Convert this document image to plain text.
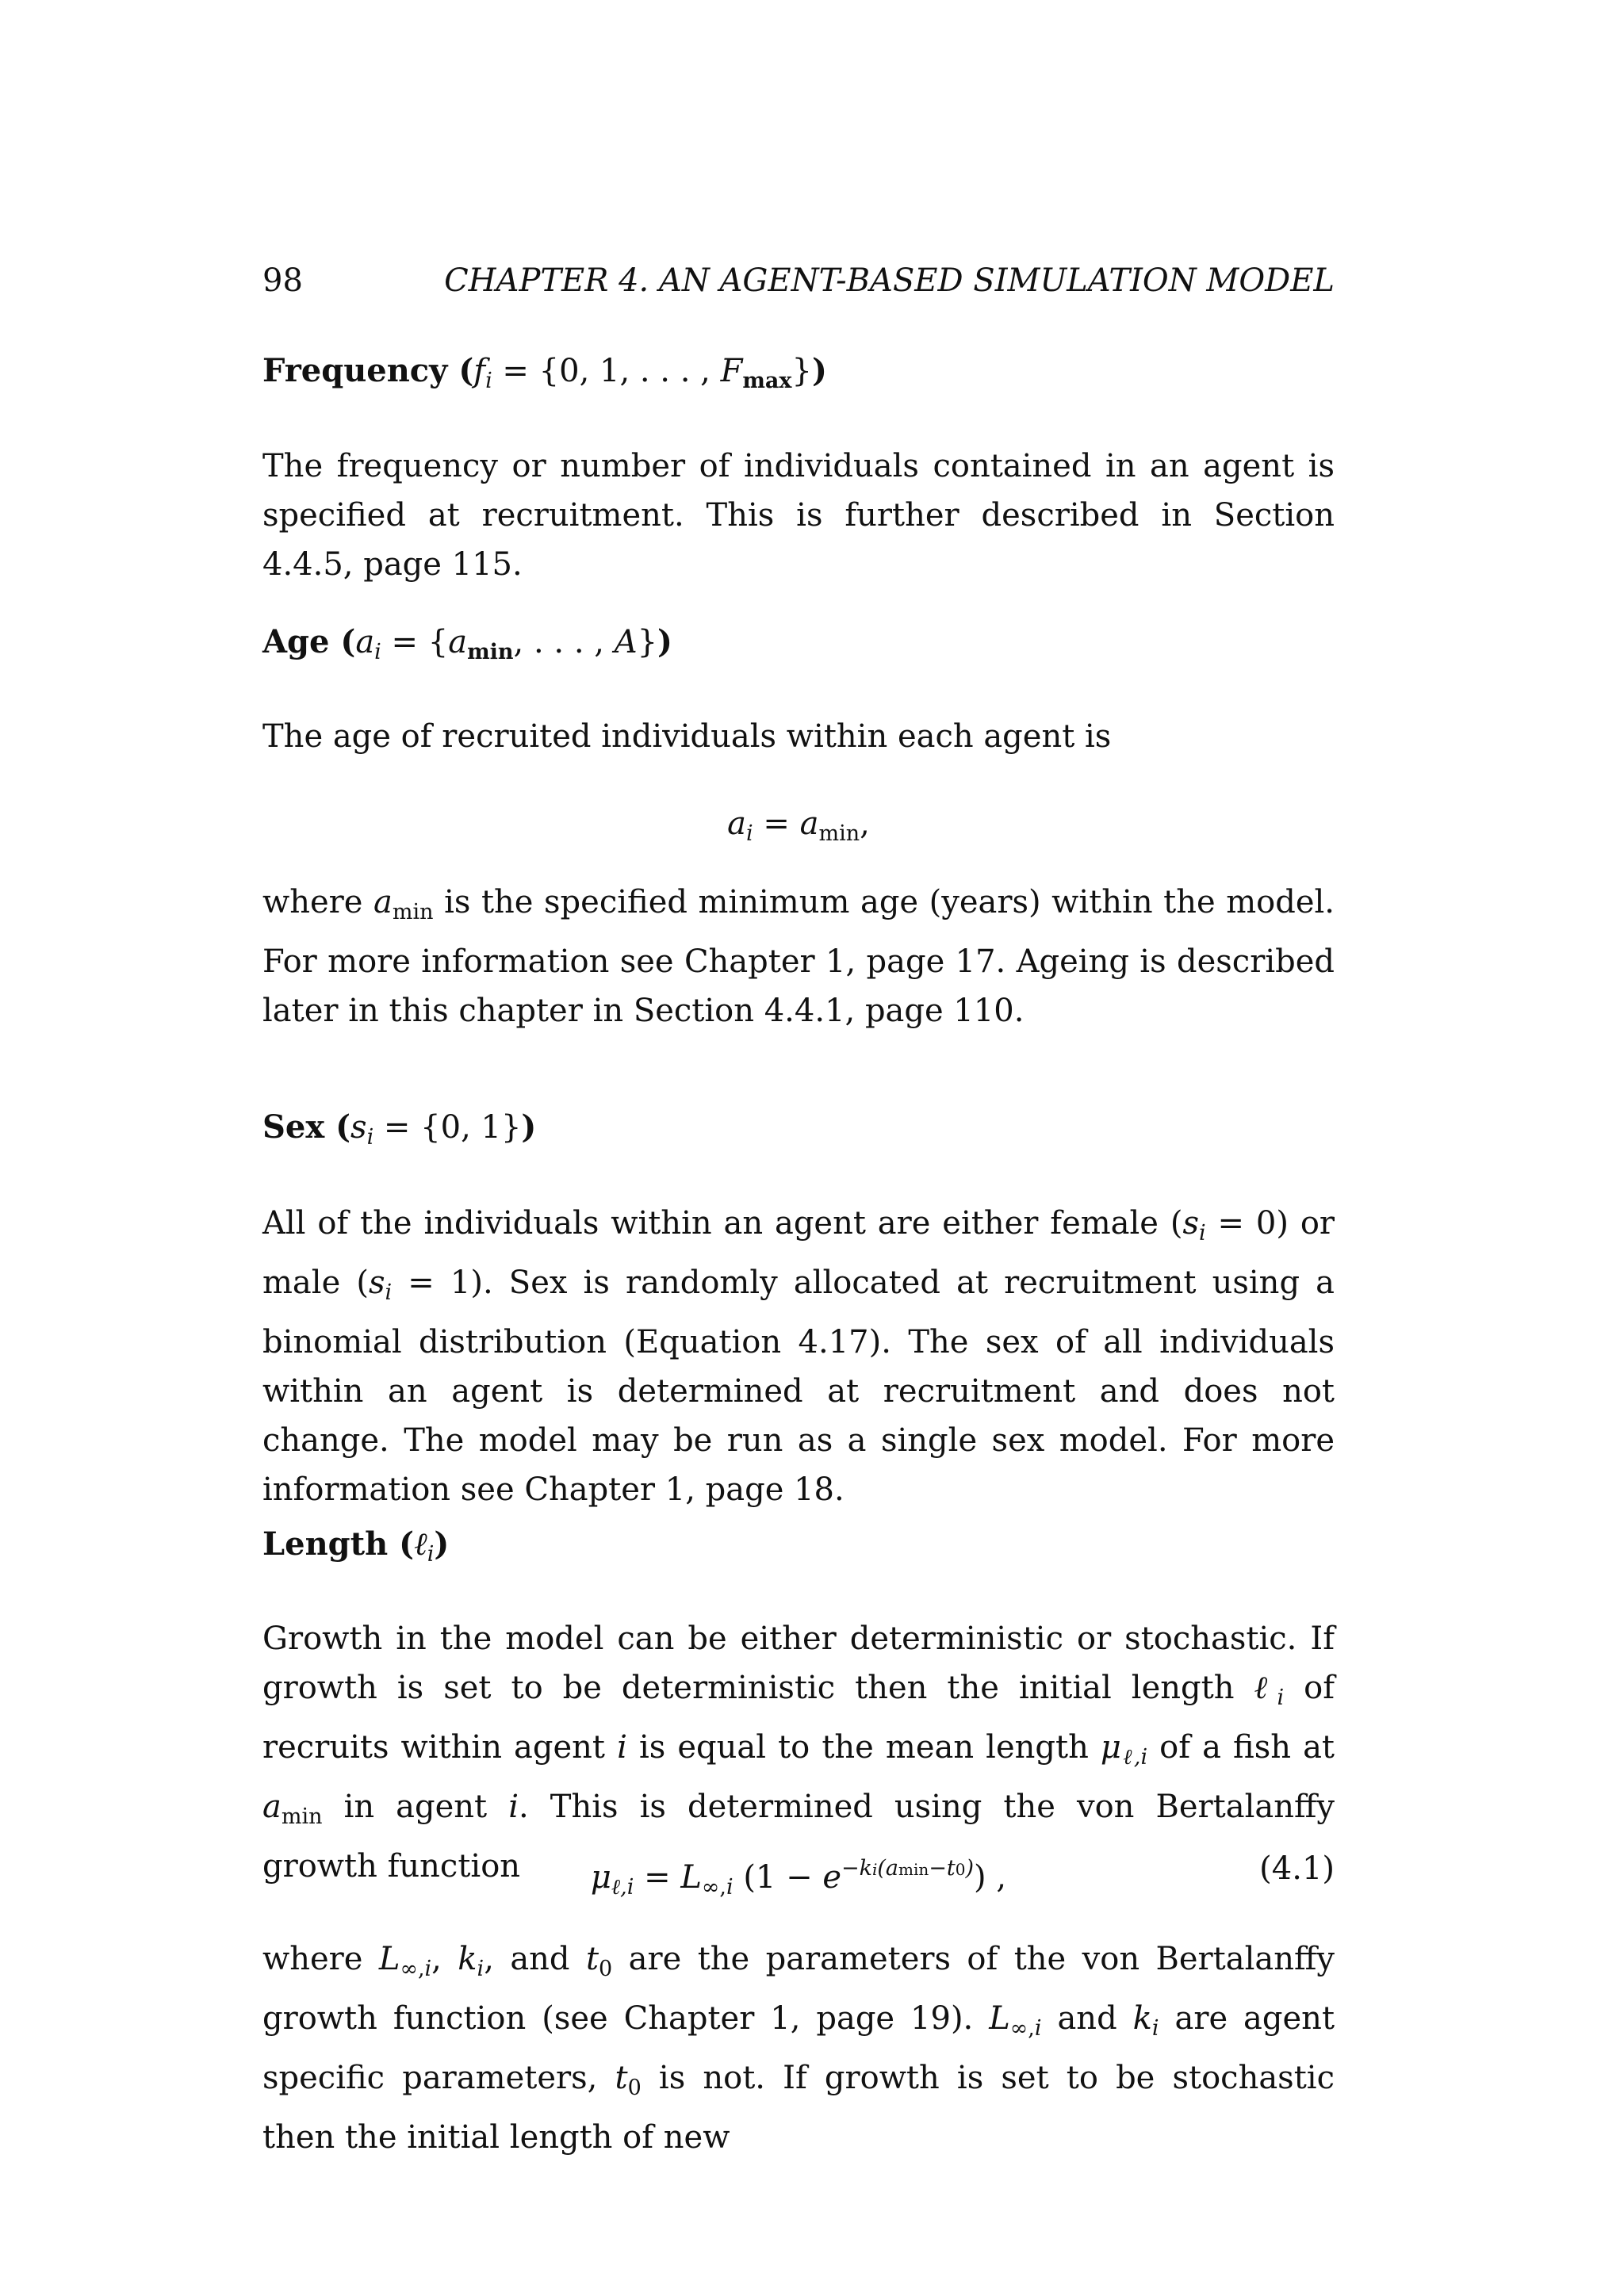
98	CHAPTER 4. AN AGENT-BASED SIMULATION MODEL
Frequency ($f_i = \{0$, 1, . . . , $F_{max}$})

The frequency or number of individuals contained in an agent is specified at recruitment. This is further described in Section 4.4.5, page 115.

Age ($a_i = \{a_{min}$, . . . , A})

The age of recruited individuals within each agent is

$a_i = a_{min}$,

where $a_{min}$ is the specified minimum age (years) within the model. For more information see Chapter 1, page 17. Ageing is described later in this chapter in Section 4.4.1, page 110.

Sex ($s_i = \{0$, 1})

All of the individuals within an agent are either female $(s_i = 0)$ or male $(s_i = 1)$. Sex is randomly allocated at recruitment using a binomial distribution (Equation 4.17). The sex of all individuals within an agent is determined at recruitment and does not change. The model may be run as a single sex model. For more information see Chapter 1, page 18.

Length (ℓ$_i$)

Growth in the model can be either deterministic or stochastic. If growth is set to be deterministic then the initial length ℓ$_i$ of recruits within agent i is equal to the mean length $\mu_{\ell,i}$ of a fish at $a_{min}$ in agent i. This is determined using the von Bertalanffy growth function	$\mu_{\ell,i} = L_{\infty,i}$ $(1 - e^{-ki(amin-t0)})$ ,	(4.1)

where $L_{\infty,i}$, $k_i$, and $t_0$ are the parameters of the von Bertalanffy growth function (see Chapter 1, page 19). $L_{\infty,i}$ and $k_i$ are agent specific parameters, $t_0$ is not. If growth is set to be stochastic then the initial length of new
